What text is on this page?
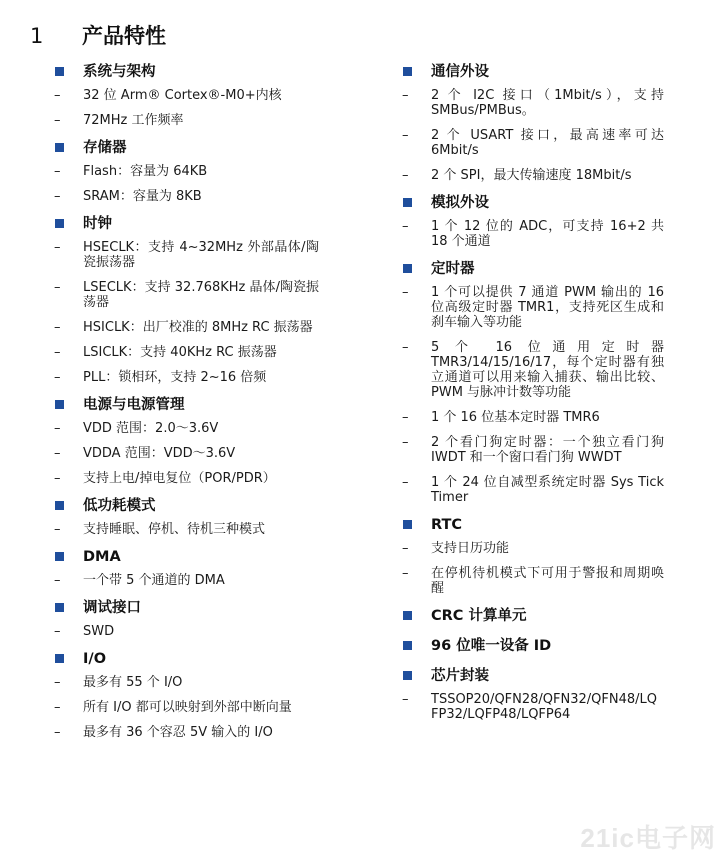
1 产品特性
系统与架构
– 32 位 Arm® Cortex®-M0+内核
– 72MHz 工作频率
存储器
– Flash：容量为 64KB
– SRAM：容量为 8KB
时钟
– HSECLK：支持 4~32MHz 外部晶体/陶瓷振荡器
– LSECLK：支持 32.768KHz 晶体/陶瓷振荡器
– HSICLK：出厂校准的 8MHz RC 振荡器
– LSICLK：支持 40KHz RC 振荡器
– PLL：锁相环，支持 2~16 倍频
电源与电源管理
– VDD 范围：2.0～3.6V
– VDDA 范围：VDD～3.6V
– 支持上电/掉电复位（POR/PDR）
低功耗模式
– 支持睡眠、停机、待机三种模式
DMA
– 一个带 5 个通道的 DMA
调试接口
– SWD
I/O
– 最多有 55 个 I/O
– 所有 I/O 都可以映射到外部中断向量
– 最多有 36 个容忍 5V 输入的 I/O
通信外设
– 2 个 I2C 接口（1Mbit/s），支持 SMBus/PMBus。
– 2 个 USART 接口，最高速率可达 6Mbit/s
– 2 个 SPI，最大传输速度 18Mbit/s
模拟外设
– 1 个 12 位的 ADC，可支持 16+2 共 18 个通道
定时器
– 1 个可以提供 7 通道 PWM 输出的 16 位高级定时器 TMR1，支持死区生成和刹车输入等功能
– 5 个 16 位通用定时器 TMR3/14/15/16/17，每个定时器有独立通道可以用来输入捕获、输出比较、PWM 与脉冲计数等功能
– 1 个 16 位基本定时器 TMR6
– 2 个看门狗定时器：一个独立看门狗 IWDT 和一个窗口看门狗 WWDT
– 1 个 24 位自减型系统定时器 Sys Tick Timer
RTC
– 支持日历功能
– 在停机待机模式下可用于警报和周期唤醒
CRC 计算单元
96 位唯一设备 ID
芯片封装
– TSSOP20/QFN28/QFN32/QFN48/LQFP32/LQFP48/LQFP64
21ic电子网
